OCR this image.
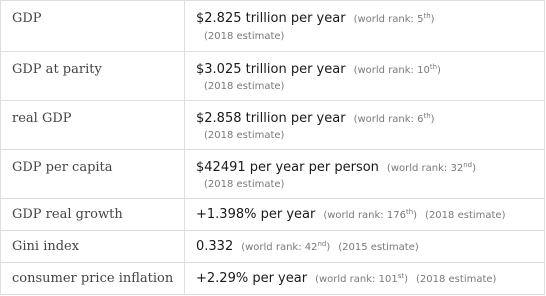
GDP	$2.825 trillion per year (world rank: 5th)
(2018 estimate)
GDP at parity	$3.025 trillion per year (world rank: 10th)
(2018 estimate)
real GDP	$2.858 trillion per year (world rank: 6th)
(2018 estimate)
GDP per capita	$42491 per year per person (world rank: 32nd)
(2018 estimate)
GDP real growth	+1.398% per year (world rank: 176th) (2018 estimate)
Gini index	0.332 (world rank: 42nd) (2015 estimate)
consumer price inflation +2.29% per year (world rank: 101st) (2018 estimate)
